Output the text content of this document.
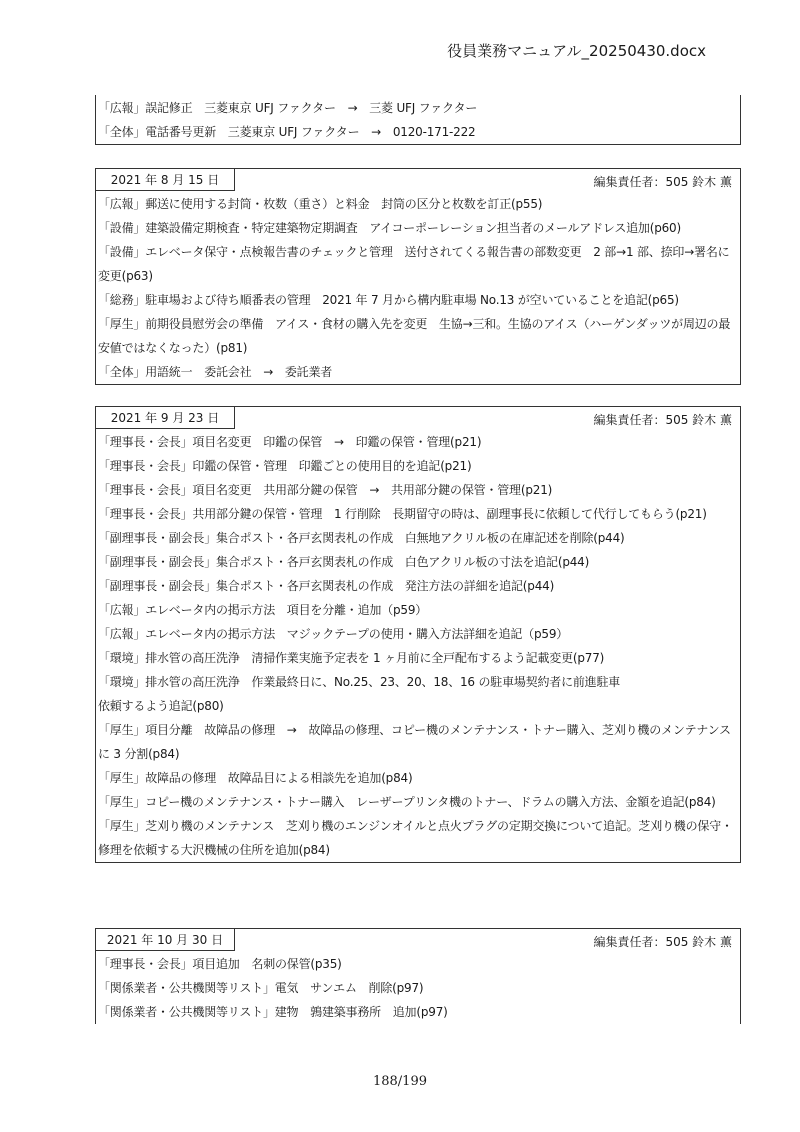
役員業務マニュアル_20250430.docx
「広報」誤記修正　三菱東京 UFJ ファクター　→　三菱 UFJ ファクター
「全体」電話番号更新　三菱東京 UFJ ファクター　→　0120-171-222
2021 年 8 月 15 日	編集責任者：505 鈴木 薫
「広報」郵送に使用する封筒・枚数（重さ）と料金　封筒の区分と枚数を訂正(p55)
「設備」建築設備定期検査・特定建築物定期調査　アイコーポーレーション担当者のメールアドレス追加(p60)
「設備」エレベータ保守・点検報告書のチェックと管理　送付されてくる報告書の部数変更　2 部→1 部、捺印→署名に変更(p63)
「総務」駐車場および待ち順番表の管理　2021 年 7 月から構内駐車場 No.13 が空いていることを追記(p65)
「厚生」前期役員慰労会の準備　アイス・食材の購入先を変更　生協→三和。生協のアイス（ハーゲンダッツが周辺の最安値ではなくなった）(p81)
「全体」用語統一　委託会社　→　委託業者
2021 年 9 月 23 日	編集責任者：505 鈴木 薫
「理事長・会長」項目名変更　印鑑の保管　→　印鑑の保管・管理(p21)
「理事長・会長」印鑑の保管・管理　印鑑ごとの使用目的を追記(p21)
「理事長・会長」項目名変更　共用部分鍵の保管　→　共用部分鍵の保管・管理(p21)
「理事長・会長」共用部分鍵の保管・管理　1 行削除　長期留守の時は、副理事長に依頼して代行してもらう(p21)
「副理事長・副会長」集合ポスト・各戸玄関表札の作成　白無地アクリル板の在庫記述を削除(p44)
「副理事長・副会長」集合ポスト・各戸玄関表札の作成　白色アクリル板の寸法を追記(p44)
「副理事長・副会長」集合ポスト・各戸玄関表札の作成　発注方法の詳細を追記(p44)
「広報」エレベータ内の掲示方法　項目を分離・追加（p59）
「広報」エレベータ内の掲示方法　マジックテープの使用・購入方法詳細を追記（p59）
「環境」排水管の高圧洗浄　清掃作業実施予定表を 1 ヶ月前に全戸配布するよう記載変更(p77)
「環境」排水管の高圧洗浄　作業最終日に、No.25、23、20、18、16 の駐車場契約者に前進駐車
依頼するよう追記(p80)
「厚生」項目分離　故障品の修理　→　故障品の修理、コピー機のメンテナンス・トナー購入、芝刈り機のメンテナンス　に 3 分割(p84)
「厚生」故障品の修理　故障品目による相談先を追加(p84)
「厚生」コピー機のメンテナンス・トナー購入　レーザープリンタ機のトナー、ドラムの購入方法、金額を追記(p84)
「厚生」芝刈り機のメンテナンス　芝刈り機のエンジンオイルと点火プラグの定期交換について追記。芝刈り機の保守・修理を依頼する大沢機械の住所を追加(p84)
2021 年 10 月 30 日	編集責任者：505 鈴木 薫
「理事長・会長」項目追加　名刺の保管(p35)
「関係業者・公共機関等リスト」電気　サンエム　削除(p97)
「関係業者・公共機関等リスト」建物　鶉建築事務所　追加(p97)
188/199
